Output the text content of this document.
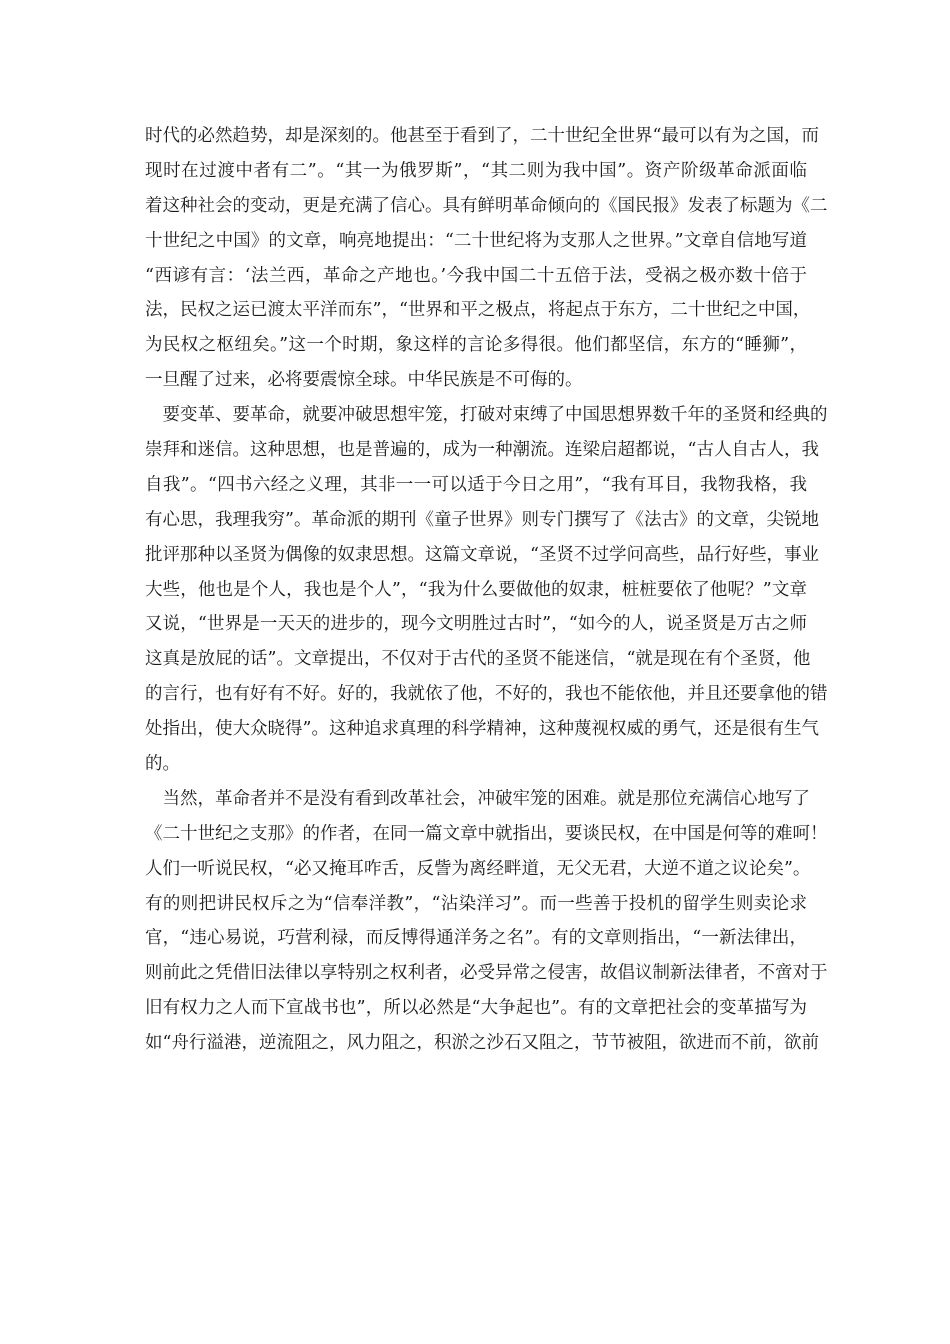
时代的必然趋势，却是深刻的。他甚至于看到了，二十世纪全世界“最可以有为之国，而
现时在过渡中者有二”。“其一为俄罗斯”，“其二则为我中国”。资产阶级革命派面临
着这种社会的变动，更是充满了信心。具有鲜明革命倾向的《国民报》发表了标题为《二
十世纪之中国》的文章，响亮地提出：“二十世纪将为支那人之世界。”文章自信地写道
“西谚有言：‘法兰西，革命之产地也。’今我中国二十五倍于法，受祸之极亦数十倍于
法，民权之运已渡太平洋而东”，“世界和平之极点，将起点于东方，二十世纪之中国，
为民权之枢纽矣。”这一个时期，象这样的言论多得很。他们都坚信，东方的“睡狮”，
一旦醒了过来，必将要震惊全球。中华民族是不可侮的。
　要变革、要革命，就要冲破思想牢笼，打破对束缚了中国思想界数千年的圣贤和经典的
崇拜和迷信。这种思想，也是普遍的，成为一种潮流。连梁启超都说，“古人自古人，我
自我”。“四书六经之义理，其非一一可以适于今日之用”，“我有耳目，我物我格，我
有心思，我理我穷”。革命派的期刊《童子世界》则专门撰写了《法古》的文章，尖锐地
批评那种以圣贤为偶像的奴隶思想。这篇文章说，“圣贤不过学问高些，品行好些，事业
大些，他也是个人，我也是个人”，“我为什么要做他的奴隶，桩桩要依了他呢？”文章
又说，“世界是一天天的进步的，现今文明胜过古时”，“如今的人，说圣贤是万古之师
这真是放屁的话”。文章提出，不仅对于古代的圣贤不能迷信，“就是现在有个圣贤，他
的言行，也有好有不好。好的，我就依了他，不好的，我也不能依他，并且还要拿他的错
处指出，使大众晓得”。这种追求真理的科学精神，这种蔑视权威的勇气，还是很有生气
的。
　当然，革命者并不是没有看到改革社会，冲破牢笼的困难。就是那位充满信心地写了
《二十世纪之支那》的作者，在同一篇文章中就指出，要谈民权，在中国是何等的难呵！
人们一听说民权，“必又掩耳咋舌，反訾为离经畔道，无父无君，大逆不道之议论矣”。
有的则把讲民权斥之为“信奉洋教”，“沾染洋习”。而一些善于投机的留学生则卖论求
官，“违心易说，巧营利禄，而反博得通洋务之名”。有的文章则指出，“一新法律出，
则前此之凭借旧法律以享特别之权利者，必受异常之侵害，故倡议制新法律者，不啻对于
旧有权力之人而下宣战书也”，所以必然是“大争起也”。有的文章把社会的变革描写为
如“舟行溢港，逆流阻之，风力阻之，积淤之沙石又阻之，节节被阻，欲进而不前，欲前
